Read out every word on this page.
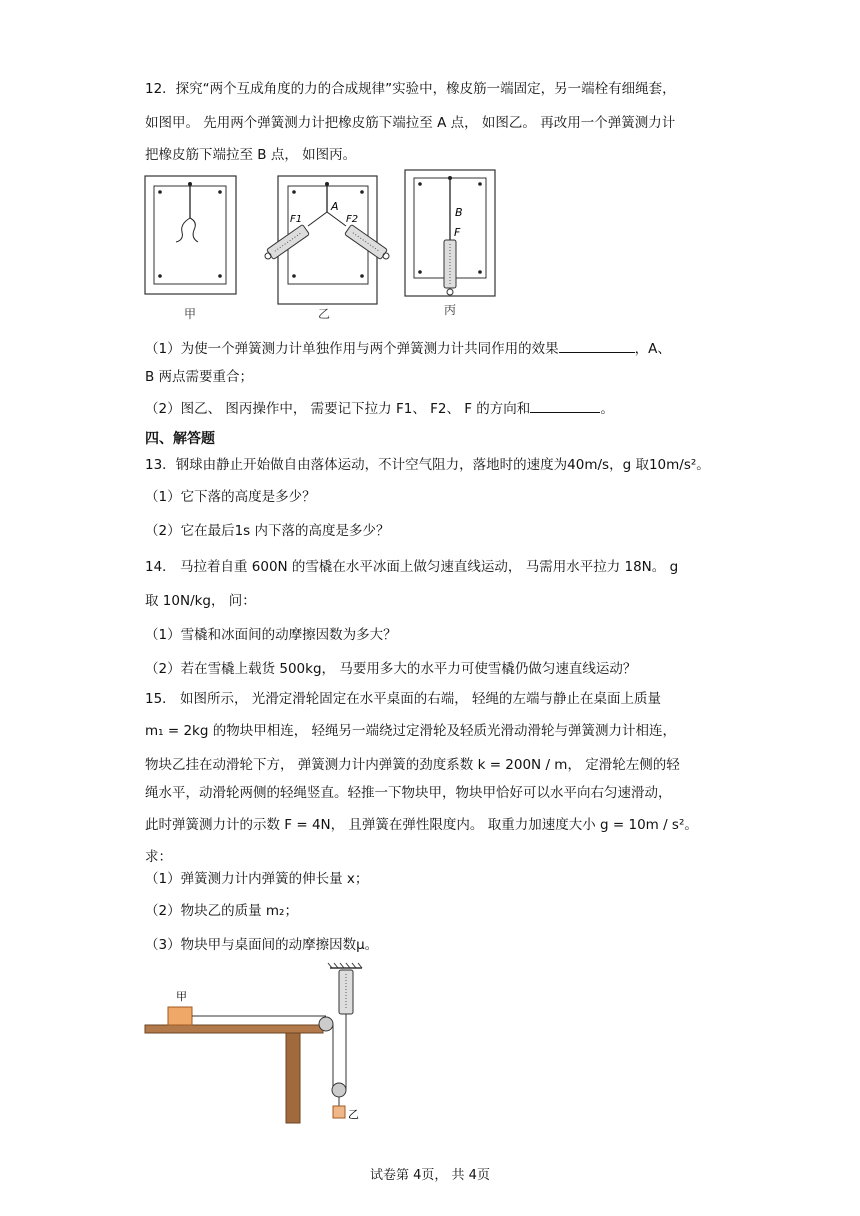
12．探究“两个互成角度的力的合成规律”实验中，橡皮筋一端固定，另一端栓有细绳套，
如图甲。 先用两个弹簧测力计把橡皮筋下端拉至 A 点， 如图乙。 再改用一个弹簧测力计
把橡皮筋下端拉至 B 点， 如图丙。
甲
A
F1	F2
乙
B
F
丙
（1）为使一个弹簧测力计单独作用与两个弹簧测力计共同作用的效果	，A、
B 两点需要重合；
（2）图乙、 图丙操作中， 需要记下拉力 F1、 F2、 F 的方向和	。
四、解答题
13．钢球由静止开始做自由落体运动，不计空气阻力，落地时的速度为40m/s，g 取10m/s²。
（1）它下落的高度是多少？
（2）它在最后1s 内下落的高度是多少？
14． 马拉着自重 600N 的雪橇在水平冰面上做匀速直线运动， 马需用水平拉力 18N。 g
取 10N/kg， 问：
（1）雪橇和冰面间的动摩擦因数为多大？
（2）若在雪橇上载货 500kg， 马要用多大的水平力可使雪橇仍做匀速直线运动？
15． 如图所示， 光滑定滑轮固定在水平桌面的右端， 轻绳的左端与静止在桌面上质量
m₁ = 2kg 的物块甲相连， 轻绳另一端绕过定滑轮及轻质光滑动滑轮与弹簧测力计相连，
物块乙挂在动滑轮下方， 弹簧测力计内弹簧的劲度系数 k = 200N / m， 定滑轮左侧的轻
绳水平，动滑轮两侧的轻绳竖直。轻推一下物块甲，物块甲恰好可以水平向右匀速滑动，
此时弹簧测力计的示数 F = 4N， 且弹簧在弹性限度内。 取重力加速度大小 g = 10m / s²。
求：
（1）弹簧测力计内弹簧的伸长量 x；
（2）物块乙的质量 m₂；
（3）物块甲与桌面间的动摩擦因数μ。
甲
乙
试卷第 4页， 共 4页
